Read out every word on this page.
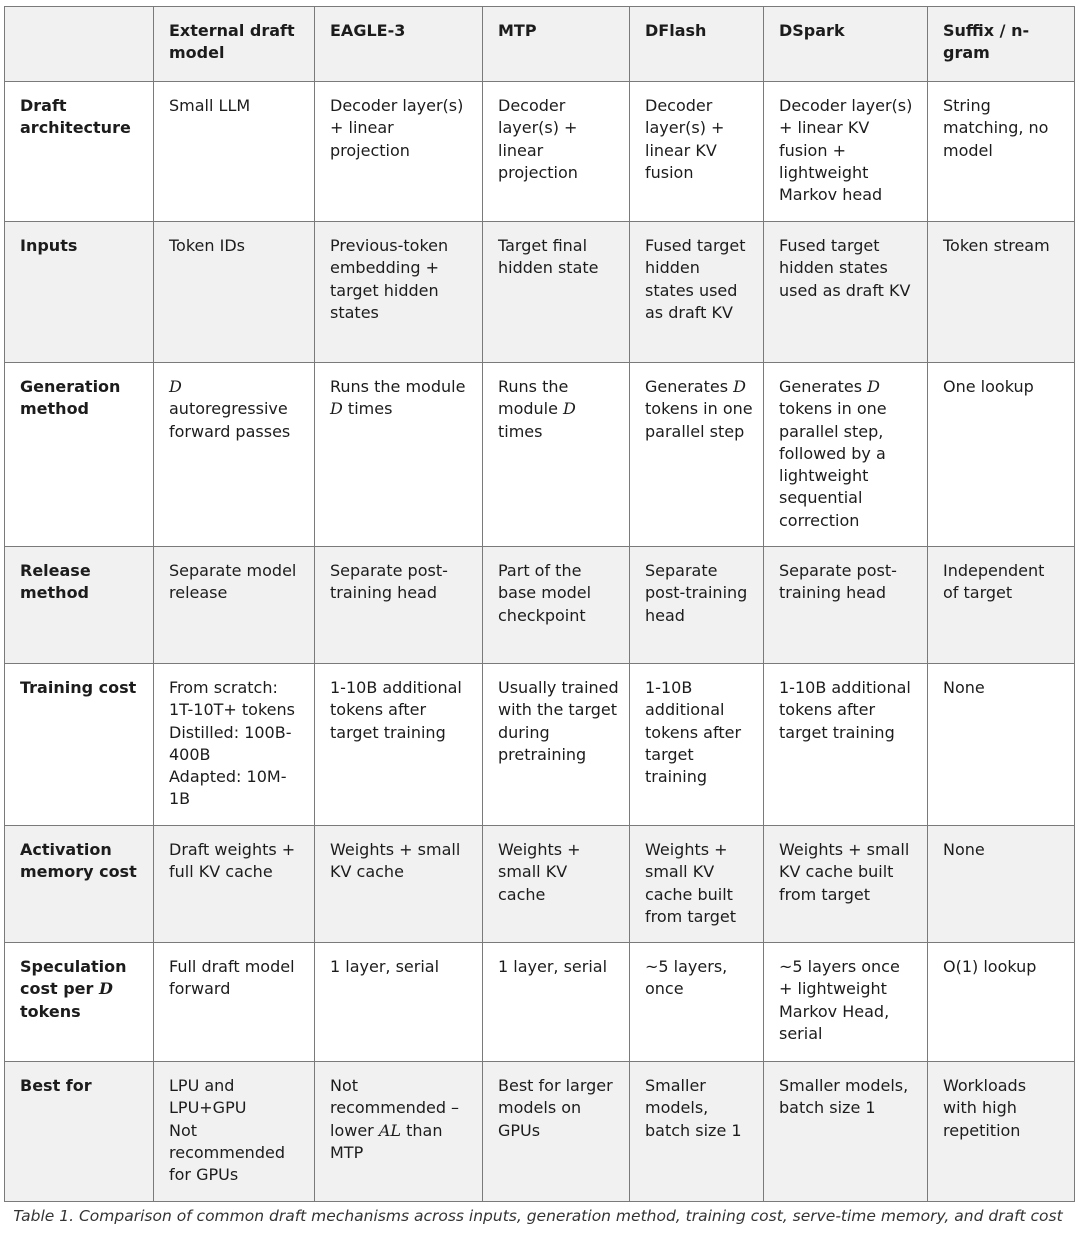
	External draft model	EAGLE-3	MTP	DFlash	DSpark	Suffix / n-gram

Draft architecture	Small LLM	Decoder layer(s) + linear projection	Decoder layer(s) + linear projection	Decoder layer(s) + linear KV fusion	Decoder layer(s) + linear KV fusion + lightweight Markov head	String matching, no model

Inputs	Token IDs	Previous-token embedding + target hidden states	Target final hidden state	Fused target hidden states used as draft KV	Fused target hidden states used as draft KV	Token stream

Generation method	D autoregressive forward passes	Runs the module D times	Runs the module D times	Generates D tokens in one parallel step	Generates D tokens in one parallel step, followed by a lightweight sequential correction	One lookup

Release method	Separate model release	Separate post-training head	Part of the base model checkpoint	Separate post-training head	Separate post-training head	Independent of target

Training cost	From scratch: 1T-10T+ tokens
Distilled: 100B-400B
Adapted: 10M-1B	1-10B additional tokens after target training	Usually trained with the target during pretraining	1-10B additional tokens after target training	1-10B additional tokens after target training	None

Activation memory cost	Draft weights + full KV cache	Weights + small KV cache	Weights + small KV cache	Weights + small KV cache built from target	Weights + small KV cache built from target	None

Speculation cost per D tokens	Full draft model forward	1 layer, serial	1 layer, serial	~5 layers, once	~5 layers once + lightweight Markov Head, serial	O(1) lookup

Best for	LPU and LPU+GPU
Not recommended for GPUs	Not recommended – lower AL than MTP	Best for larger models on GPUs	Smaller models, batch size 1	Smaller models, batch size 1	Workloads with high repetition
Table 1. Comparison of common draft mechanisms across inputs, generation method, training cost, serve-time memory, and draft cost
